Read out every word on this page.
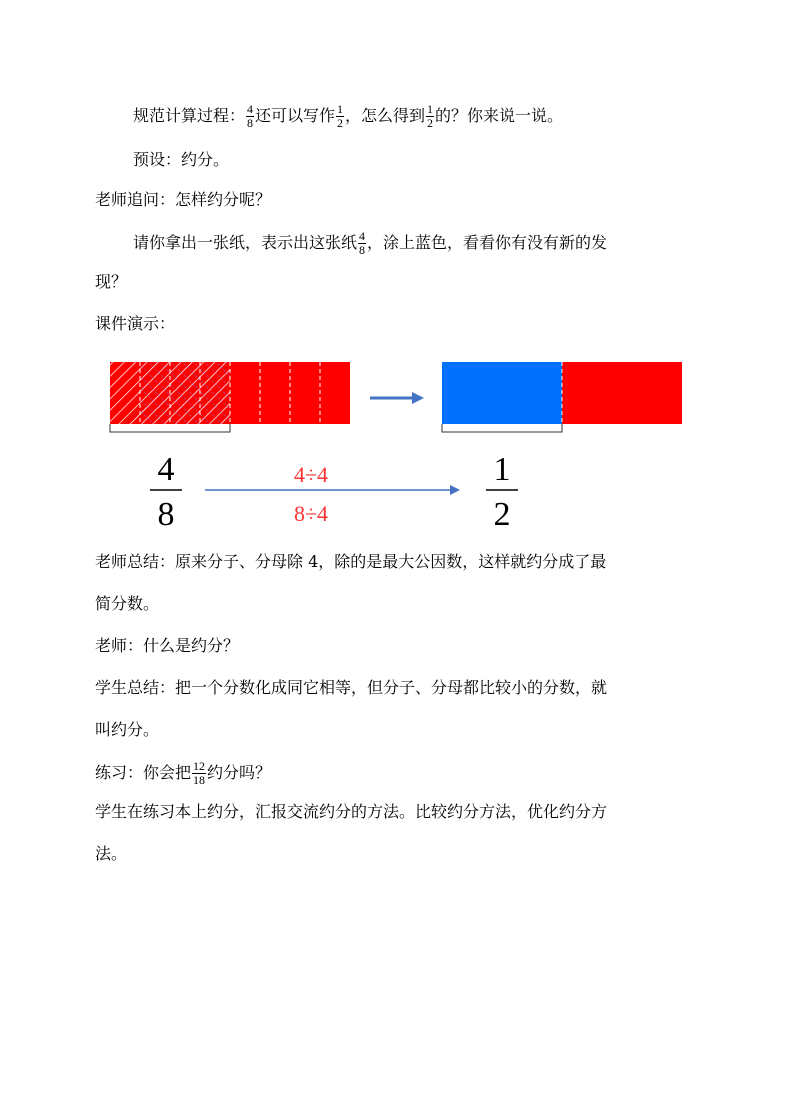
规范计算过程： $\frac{4}{8}$ 还可以写作 $\frac{1}{2}$ ，怎么得到 $\frac{1}{2}$ 的？你来说一说。
预设：约分。
老师追问：怎样约分呢？
请你拿出一张纸，表示出这张纸 $\frac{4}{8}$ ，涂上蓝色，看看你有没有新的发
现？
课件演示：
4
8
4÷4
8÷4
1
2
老师总结：原来分子、分母除 4，除的是最大公因数，这样就约分成了最
简分数。
老师：什么是约分？
学生总结：把一个分数化成同它相等，但分子、分母都比较小的分数，就
叫约分。
练习：你会把 $\frac{12}{18}$ 约分吗？
学生在练习本上约分，汇报交流约分的方法。比较约分方法，优化约分方
法。
